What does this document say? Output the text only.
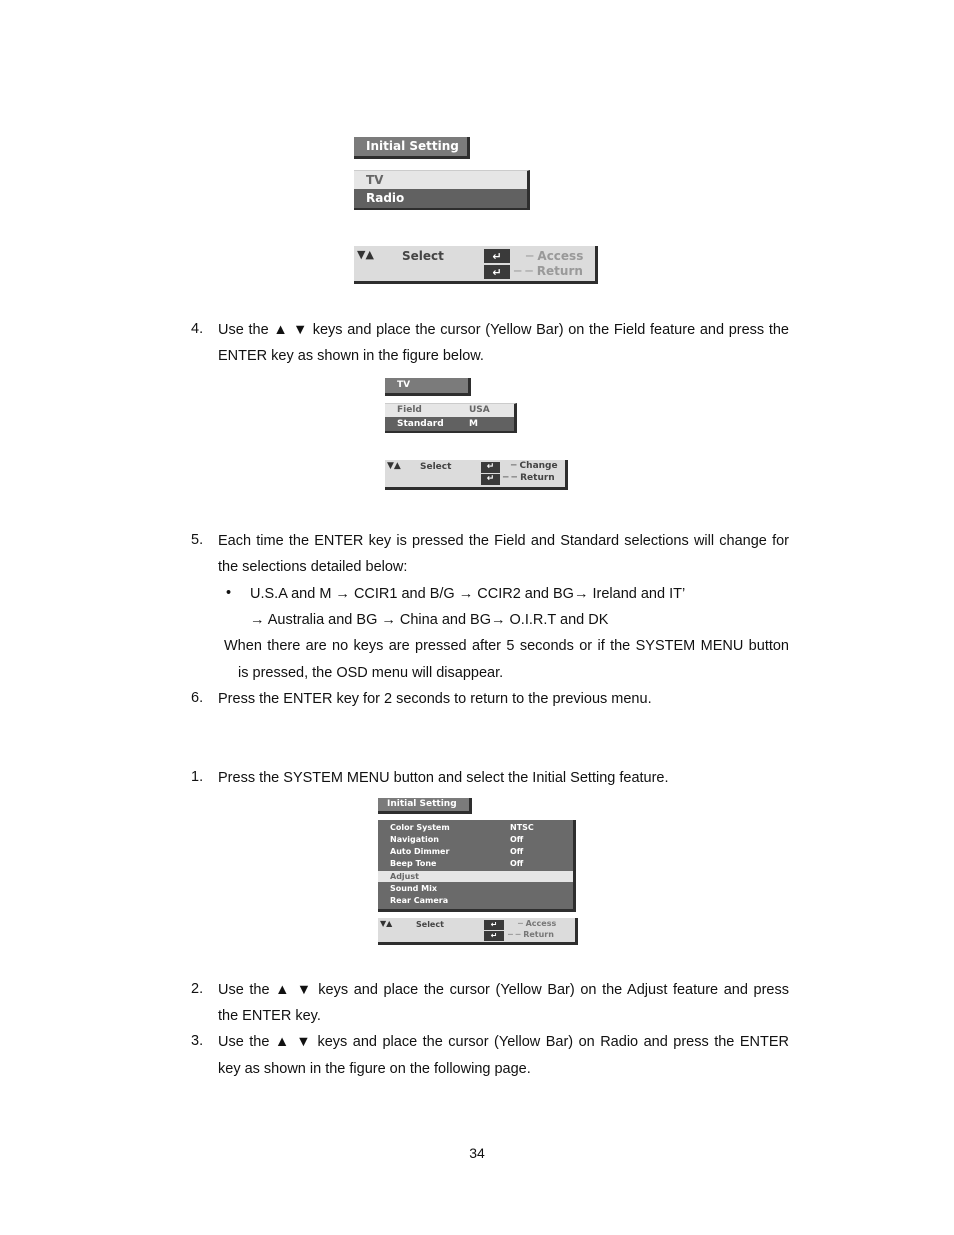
Initial Setting
TV
Radio
▼▲ Select	↵
↵
─ Access
─ ─ Return
4. Use the ▲ ▼ keys and place the cursor (Yellow Bar) on the Field feature and press the
ENTER key as shown in the figure below.
TV
Field	USA
Standard	M
▼▲ Select	↵
↵
─ Change
─ ─ Return
5. Each time the ENTER key is pressed the Field and Standard selections will change for
the selections detailed below:
• U.S.A and M → CCIR1 and B/G → CCIR2 and BG→ Ireland and IT’
→ Australia and BG → China and BG→ O.I.R.T and DK
When there are no keys are pressed after 5 seconds or if the SYSTEM MENU button
is pressed, the OSD menu will disappear.
6. Press the ENTER key for 2 seconds to return to the previous menu.
1. Press the SYSTEM MENU button and select the Initial Setting feature.
Initial Setting
Color System	NTSC
Navigation	Off
Auto Dimmer	Off
Beep Tone	Off
Adjust
Sound Mix
Rear Camera
▼▲	Select	↵
↵
─ Access
─ ─ Return
2. Use the ▲ ▼ keys and place the cursor (Yellow Bar) on the Adjust feature and press
the ENTER key.
3. Use the ▲ ▼ keys and place the cursor (Yellow Bar) on Radio and press the ENTER
key as shown in the figure on the following page.
34
